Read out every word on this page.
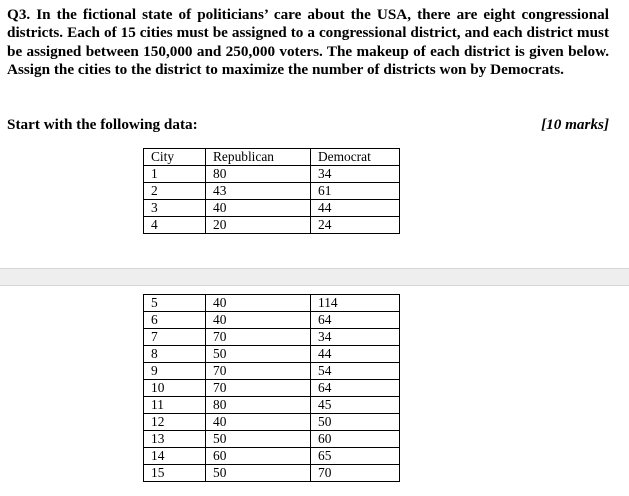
Q3. In the fictional state of politicians’ care about the USA, there are eight congressional districts. Each of 15 cities must be assigned to a congressional district, and each district must be assigned between 150,000 and 250,000 voters. The makeup of each district is given below. Assign the cities to the district to maximize the number of districts won by Democrats.

Start with the following data:	[10 marks]
City	Republican	Democrat
1	80	34
2	43	61
3	40	44
4	20	24
5	40	114
6	40	64
7	70	34
8	50	44
9	70	54
10	70	64
11	80	45
12	40	50
13	50	60
14	60	65
15	50	70
